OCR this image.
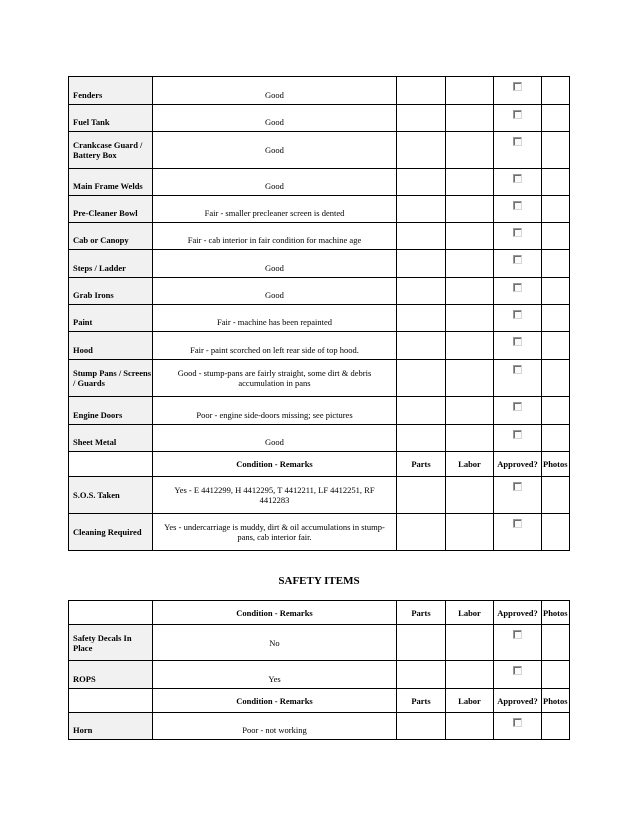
Fenders	Good				
Fuel Tank	Good				
Crankcase Guard / Battery Box	Good				
Main Frame Welds	Good				
Pre-Cleaner Bowl	Fair - smaller precleaner screen is dented				
Cab or Canopy	Fair - cab interior in fair condition for machine age				
Steps / Ladder	Good				
Grab Irons	Good				
Paint	Fair - machine has been repainted				
Hood	Fair - paint scorched on left rear side of top hood.				
Stump Pans / Screens / Guards	Good - stump-pans are fairly straight, some dirt & debris accumulation in pans				
Engine Doors	Poor - engine side-doors missing; see pictures				
Sheet Metal	Good				
	Condition - Remarks	Parts	Labor	Approved?	Photos
S.O.S. Taken	Yes - E 4412299, H 4412295, T 4412211, LF 4412251, RF 4412283				
Cleaning Required	Yes - undercarriage is muddy, dirt & oil accumulations in stump-pans, cab interior fair.				
SAFETY ITEMS
	Condition - Remarks	Parts	Labor	Approved?	Photos
Safety Decals In Place	No				
ROPS	Yes				
	Condition - Remarks	Parts	Labor	Approved?	Photos
Horn	Poor - not working				
